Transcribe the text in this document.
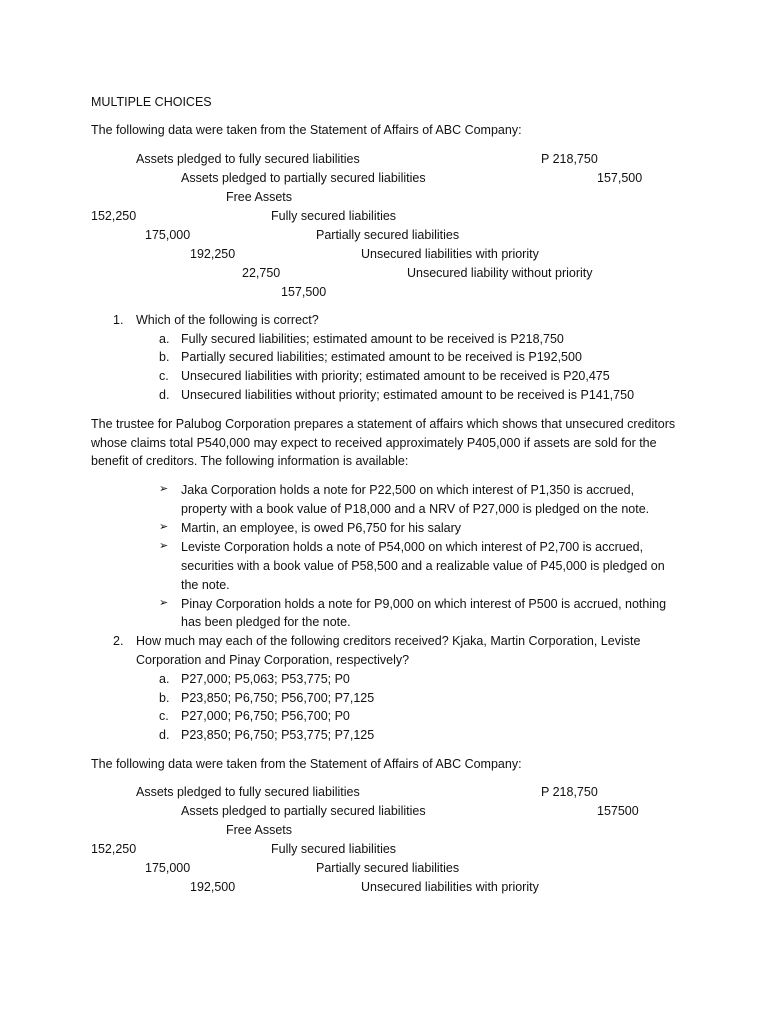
MULTIPLE CHOICES
The following data were taken from the Statement of Affairs of ABC Company:
Assets pledged to fully secured liabilities	P 218,750
Assets pledged to partially secured liabilities	157,500
Free Assets
152,250	Fully secured liabilities
175,000	Partially secured liabilities
192,250	Unsecured liabilities with priority
22,750	Unsecured liability without priority
157,500
1. Which of the following is correct?
a. Fully secured liabilities; estimated amount to be received is P218,750
b. Partially secured liabilities; estimated amount to be received is P192,500
c. Unsecured liabilities with priority; estimated amount to be received is P20,475
d. Unsecured liabilities without priority; estimated amount to be received is P141,750
The trustee for Palubog Corporation prepares a statement of affairs which shows that unsecured creditors whose claims total P540,000 may expect to received approximately P405,000 if assets are sold for the benefit of creditors. The following information is available:
➢ Jaka Corporation holds a note for P22,500 on which interest of P1,350 is accrued,
property with a book value of P18,000 and a NRV of P27,000 is pledged on the note.
➢ Martin, an employee, is owed P6,750 for his salary
➢ Leviste Corporation holds a note of P54,000 on which interest of P2,700 is accrued,
securities with a book value of P58,500 and a realizable value of P45,000 is pledged on
the note.
➢ Pinay Corporation holds a note for P9,000 on which interest of P500 is accrued, nothing
has been pledged for the note.
2. How much may each of the following creditors received? Kjaka, Martin Corporation, Leviste
Corporation and Pinay Corporation, respectively?
a. P27,000; P5,063; P53,775; P0
b. P23,850; P6,750; P56,700; P7,125
c. P27,000; P6,750; P56,700; P0
d. P23,850; P6,750; P53,775; P7,125
The following data were taken from the Statement of Affairs of ABC Company:
Assets pledged to fully secured liabilities	P 218,750
Assets pledged to partially secured liabilities	157500
Free Assets
152,250	Fully secured liabilities
175,000	Partially secured liabilities
192,500	Unsecured liabilities with priority
